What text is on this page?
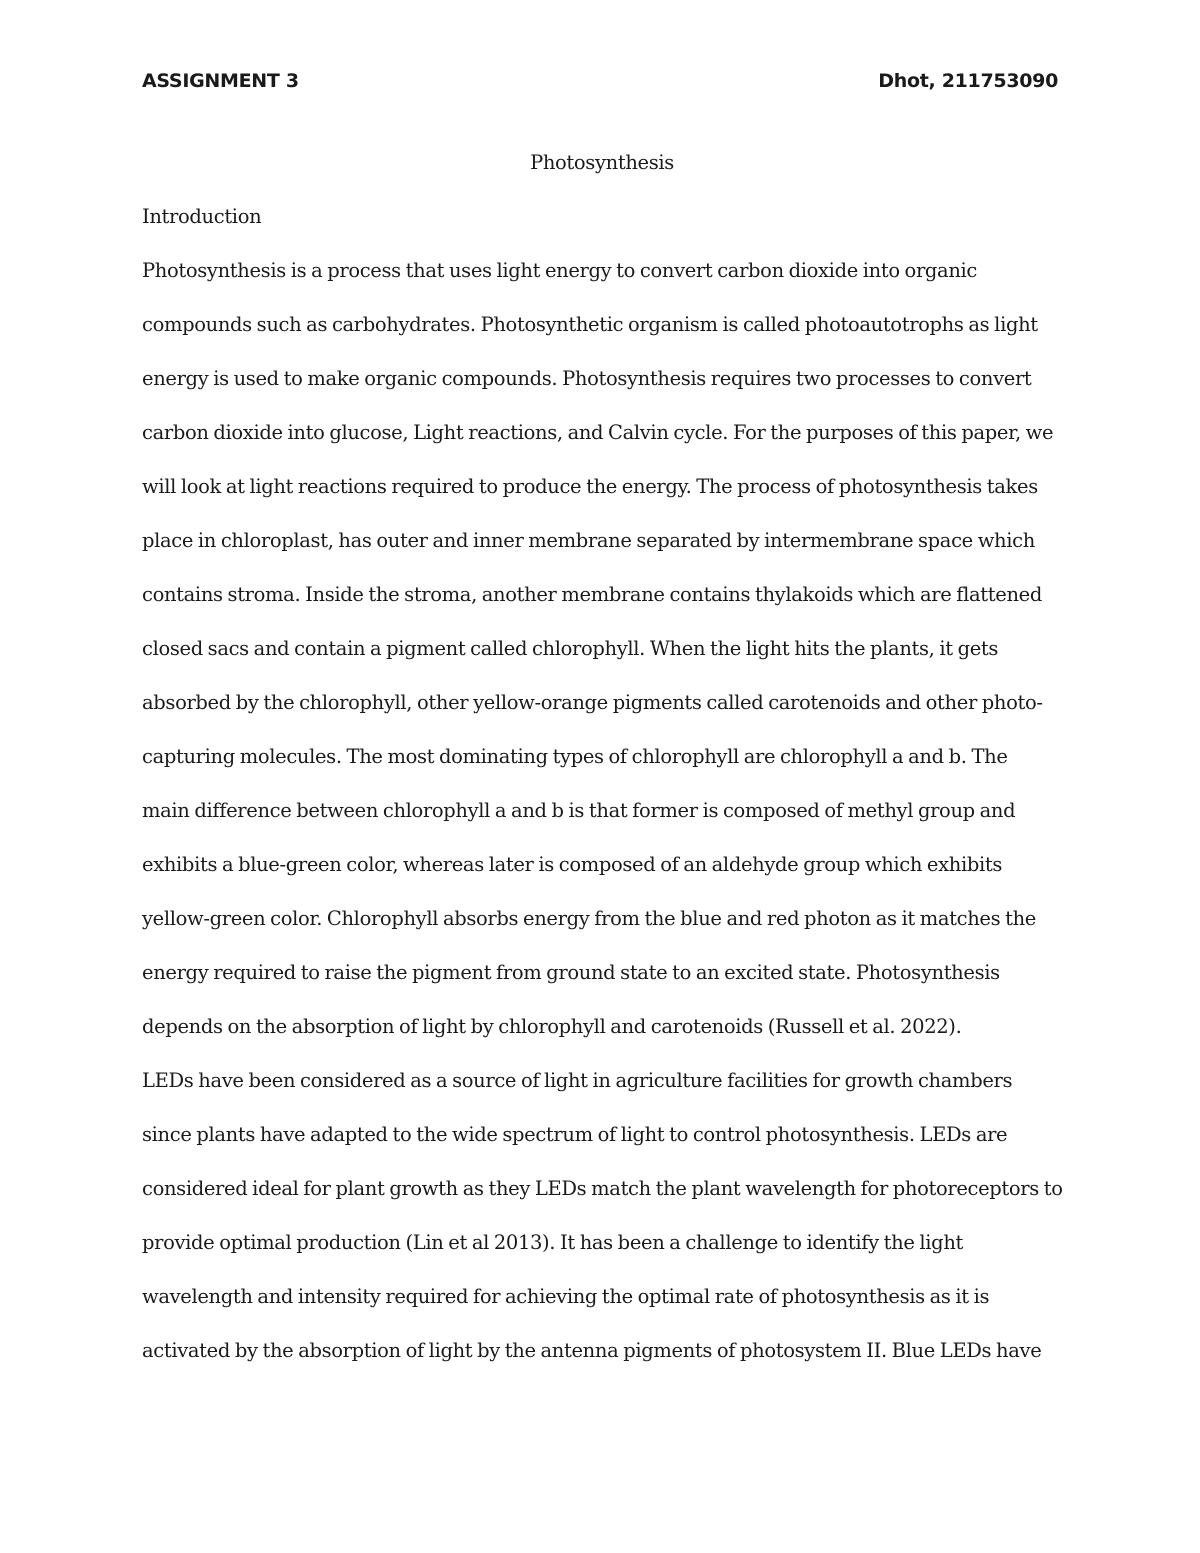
ASSIGNMENT 3	Dhot, 211753090

Photosynthesis

Introduction

Photosynthesis is a process that uses light energy to convert carbon dioxide into organic
compounds such as carbohydrates. Photosynthetic organism is called photoautotrophs as light
energy is used to make organic compounds. Photosynthesis requires two processes to convert
carbon dioxide into glucose, Light reactions, and Calvin cycle. For the purposes of this paper, we
will look at light reactions required to produce the energy. The process of photosynthesis takes
place in chloroplast, has outer and inner membrane separated by intermembrane space which
contains stroma. Inside the stroma, another membrane contains thylakoids which are flattened
closed sacs and contain a pigment called chlorophyll. When the light hits the plants, it gets
absorbed by the chlorophyll, other yellow-orange pigments called carotenoids and other photo-
capturing molecules. The most dominating types of chlorophyll are chlorophyll a and b. The
main difference between chlorophyll a and b is that former is composed of methyl group and
exhibits a blue-green color, whereas later is composed of an aldehyde group which exhibits
yellow-green color. Chlorophyll absorbs energy from the blue and red photon as it matches the
energy required to raise the pigment from ground state to an excited state. Photosynthesis
depends on the absorption of light by chlorophyll and carotenoids (Russell et al. 2022).
LEDs have been considered as a source of light in agriculture facilities for growth chambers
since plants have adapted to the wide spectrum of light to control photosynthesis. LEDs are
considered ideal for plant growth as they LEDs match the plant wavelength for photoreceptors to
provide optimal production (Lin et al 2013). It has been a challenge to identify the light
wavelength and intensity required for achieving the optimal rate of photosynthesis as it is
activated by the absorption of light by the antenna pigments of photosystem II. Blue LEDs have
